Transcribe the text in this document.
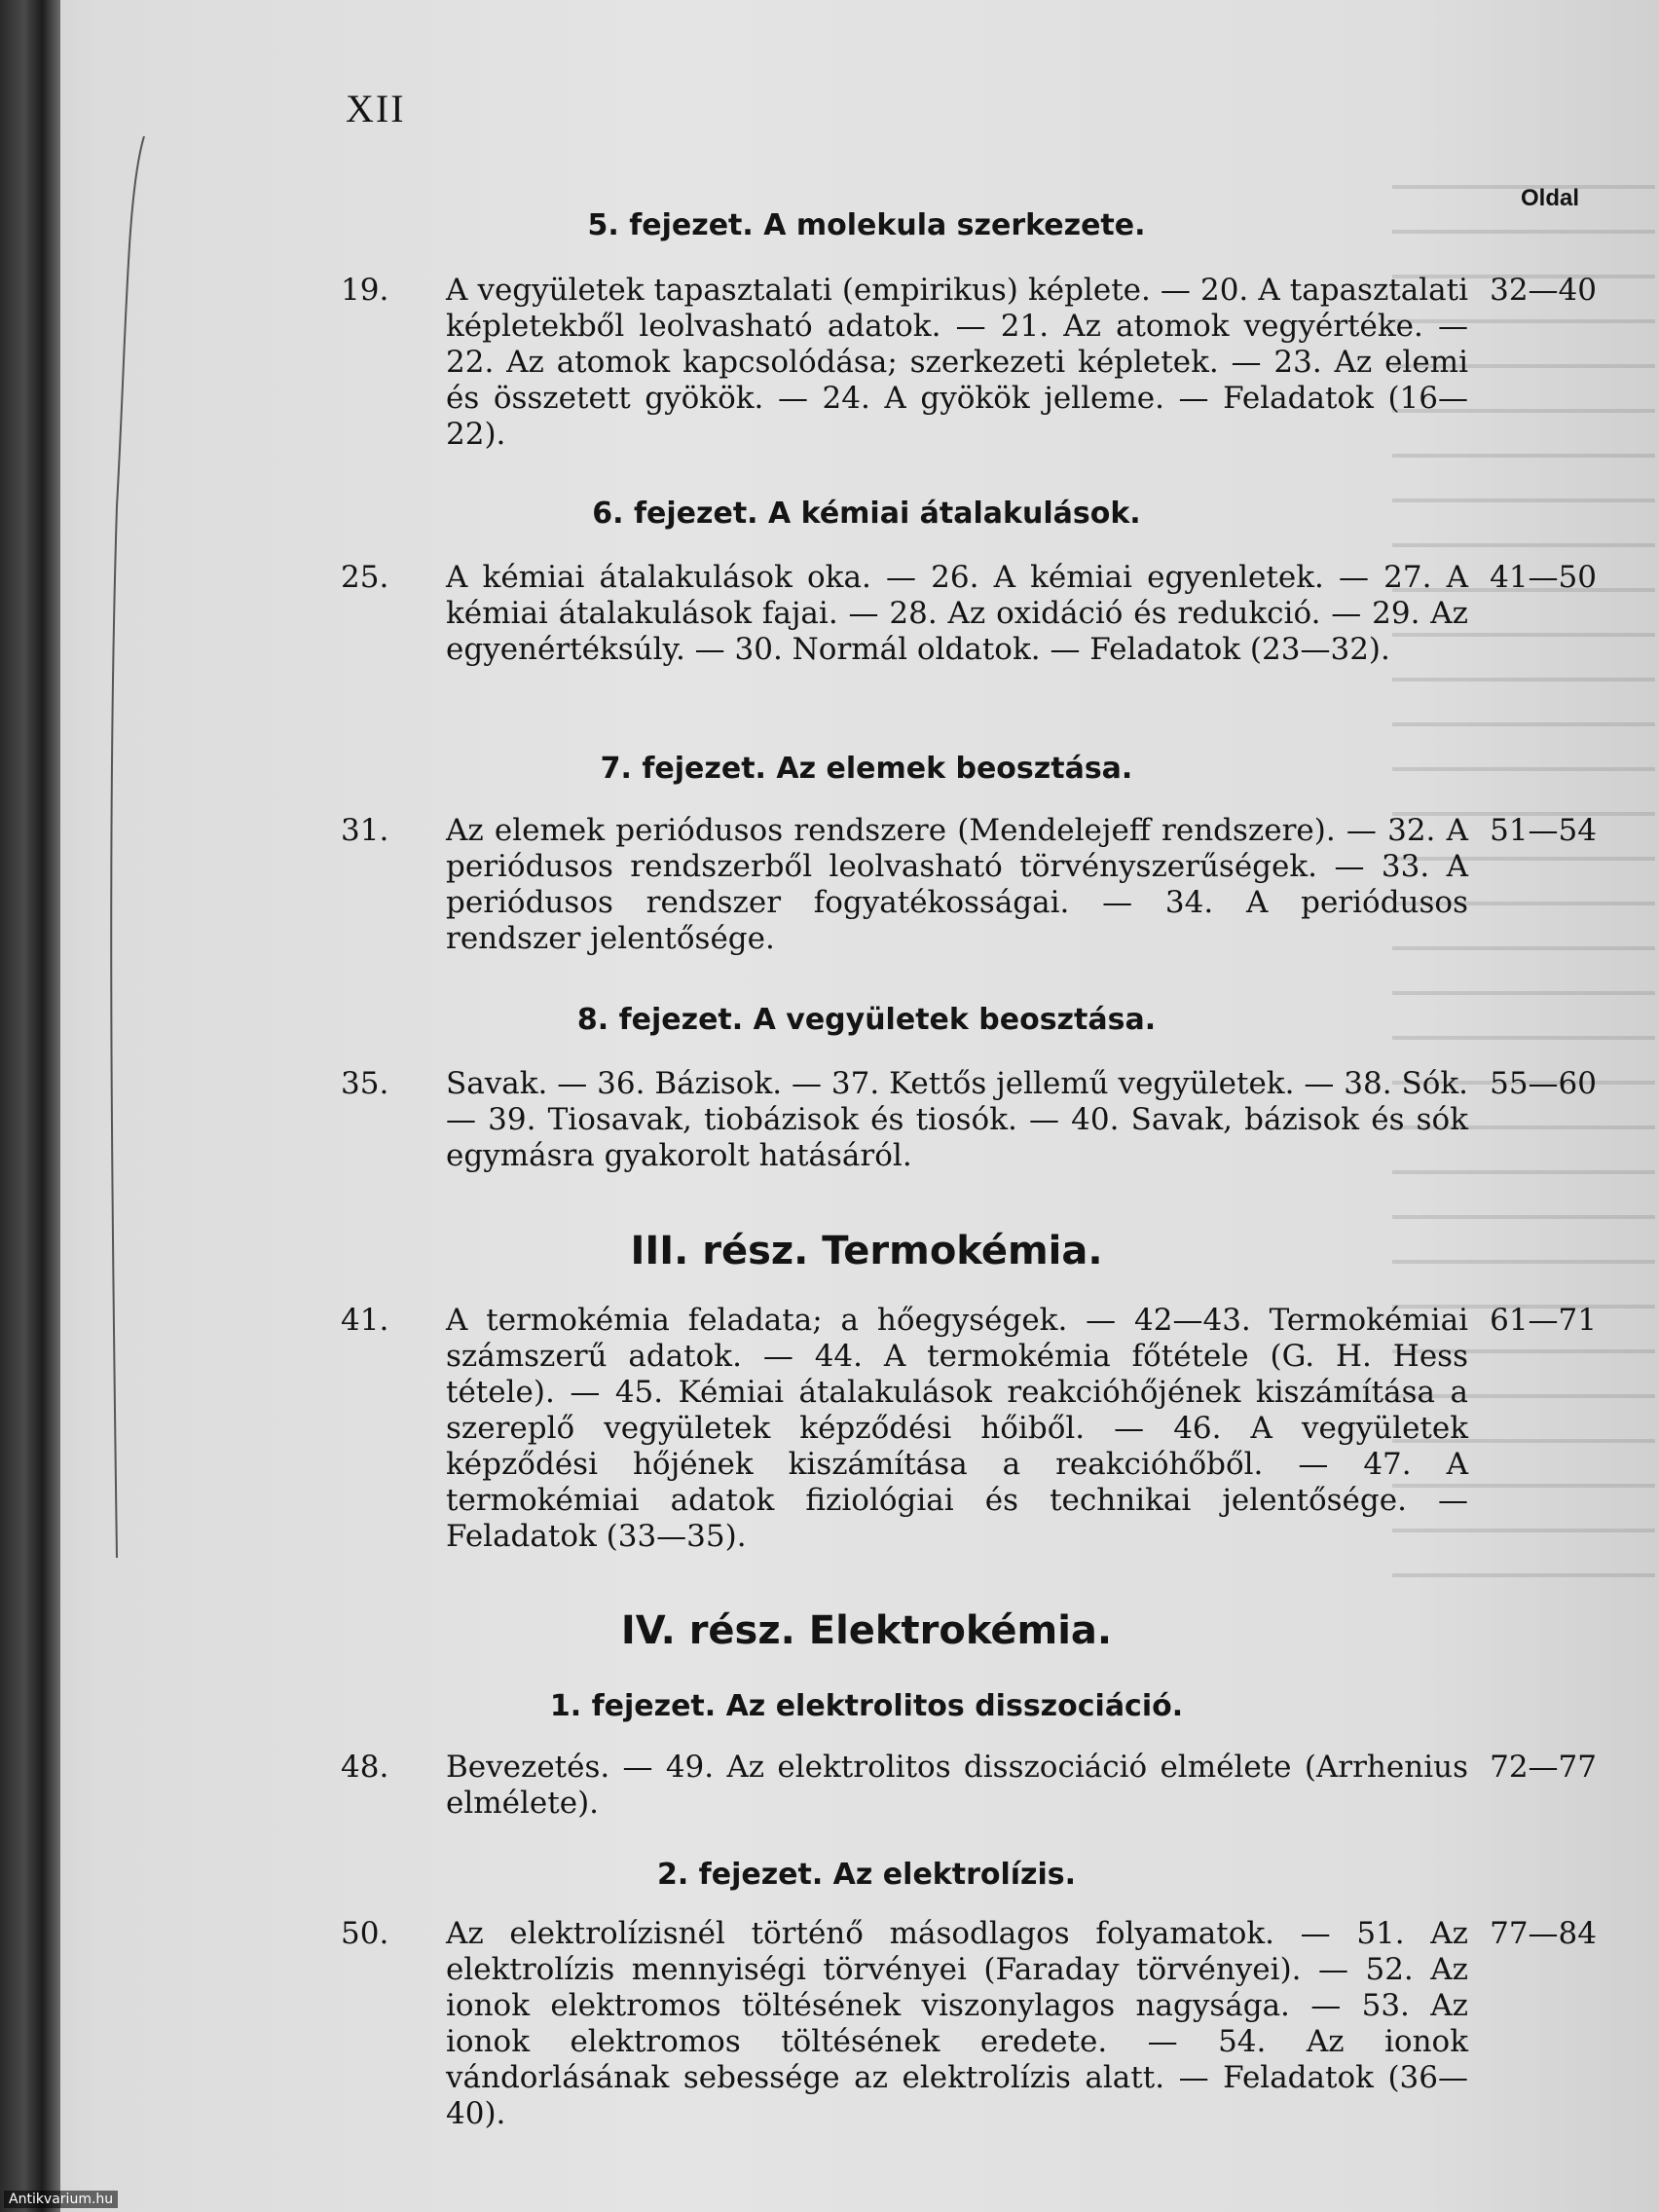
XII
Oldal
5. fejezet. A molekula szerkezete.
19. A vegyületek tapasztalati (empirikus) képlete. — 20. A tapasztalati képletekből leolvasható adatok. — 21. Az atomok vegyértéke. — 22. Az atomok kapcsolódása; szerkezeti képletek. — 23. Az elemi és összetett gyökök. — 24. A gyökök jelleme. — Feladatok (16—22).
32—40
6. fejezet. A kémiai átalakulások.
25. A kémiai átalakulások oka. — 26. A kémiai egyenletek. — 27. A kémiai átalakulások fajai. — 28. Az oxidáció és redukció. — 29. Az egyenértéksúly. — 30. Normál oldatok. — Feladatok (23—32).
41—50
7. fejezet. Az elemek beosztása.
31. Az elemek periódusos rendszere (Mendelejeff rendszere). — 32. A periódusos rendszerből leolvasható törvényszerűségek. — 33. A periódusos rendszer fogyatékosságai. — 34. A periódusos rendszer jelentősége.
51—54
8. fejezet. A vegyületek beosztása.
35. Savak. — 36. Bázisok. — 37. Kettős jellemű vegyületek. — 38. Sók. — 39. Tiosavak, tiobázisok és tiosók. — 40. Savak, bázisok és sók egymásra gyakorolt hatásáról.
55—60
III. rész. Termokémia.
41. A termokémia feladata; a hőegységek. — 42—43. Termokémiai számszerű adatok. — 44. A termokémia főtétele (G. H. Hess tétele). — 45. Kémiai átalakulások reakcióhőjének kiszámítása a szereplő vegyületek képződési hőiből. — 46. A vegyületek képződési hőjének kiszámítása a reakcióhőből. — 47. A termokémiai adatok fiziológiai és technikai jelentősége. — Feladatok (33—35).
61—71
IV. rész. Elektrokémia.
1. fejezet. Az elektrolitos disszociáció.
48. Bevezetés. — 49. Az elektrolitos disszociáció elmélete (Arrhenius elmélete).
72—77
2. fejezet. Az elektrolízis.
50. Az elektrolízisnél történő másodlagos folyamatok. — 51. Az elektrolízis mennyiségi törvényei (Faraday törvényei). — 52. Az ionok elektromos töltésének viszonylagos nagysága. — 53. Az ionok elektromos töltésének eredete. — 54. Az ionok vándorlásának sebessége az elektrolízis alatt. — Feladatok (36—40).
77—84
Antikvarium.hu
